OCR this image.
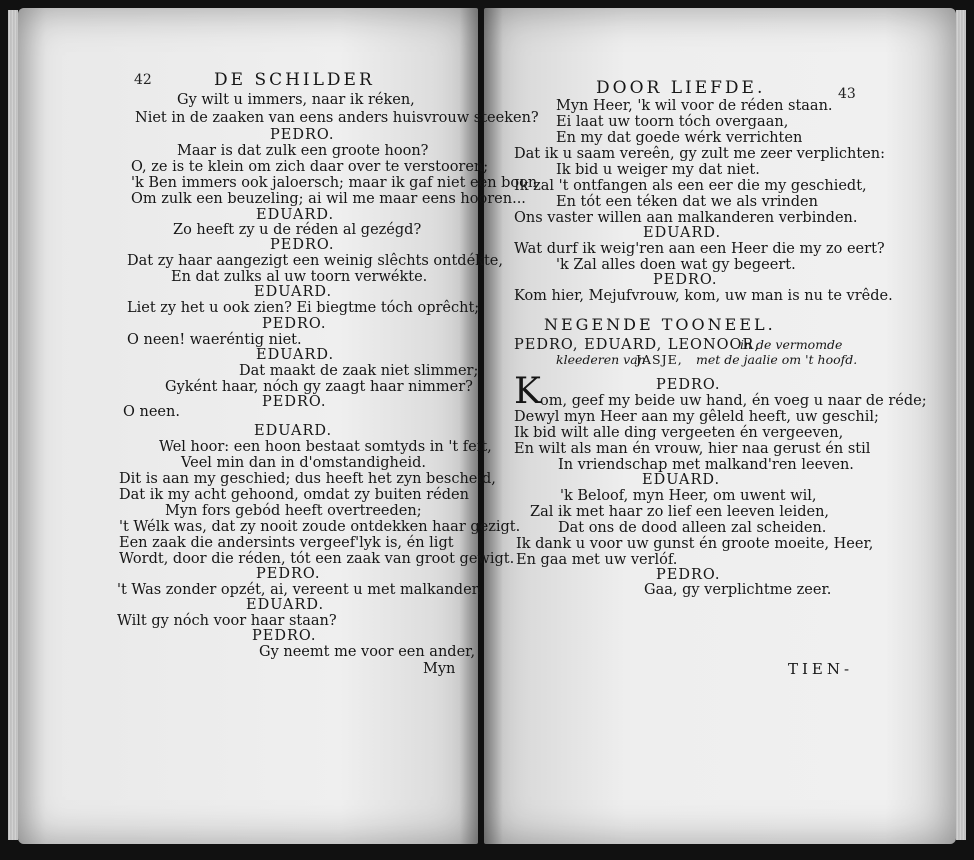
42	DE SCHILDER
Gy wilt u immers, naar ik réken,
Niet in de zaaken van eens anders huisvrouw steeken?
PEDRO.
Maar is dat zulk een groote hoon?
O, ze is te klein om zich daar over te verstooren;
'k Ben immers ook jaloersch; maar ik gaf niet een boon
Om zulk een beuzeling; ai wil me maar eens hooren...
EDUARD.
Zo heeft zy u de réden al gezégd?
PEDRO.
Dat zy haar aangezigt een weinig slêchts ontdékte,
En dat zulks al uw toorn verwékte.
EDUARD.
Liet zy het u ook zien? Ei biegtme tóch oprêcht;
PEDRO.
O neen! waeréntig niet.
EDUARD.
Dat maakt de zaak niet slimmer;
Gyként haar, nóch gy zaagt haar nimmer?
PEDRO.
O neen.
EDUARD.
Wel hoor: een hoon bestaat somtyds in 't feit,
Veel min dan in d'omstandigheid.
Dit is aan my geschied; dus heeft het zyn bescheid,
Dat ik my acht gehoond, omdat zy buiten réden
Myn fors gebód heeft overtreeden;
't Wélk was, dat zy nooit zoude ontdekken haar gezigt.
Een zaak die andersints vergeef'lyk is, én ligt
Wordt, door die réden, tót een zaak van groot gewigt.
PEDRO.
't Was zonder opzét, ai, vereent u met malkander.
EDUARD.
Wilt gy nóch voor haar staan?
PEDRO.
Gy neemt me voor een ander,
Myn
DOOR LIEFDE.	43
Myn Heer, 'k wil voor de réden staan.
Ei laat uw toorn tóch overgaan,
En my dat goede wérk verrichten
Dat ik u saam vereên, gy zult me zeer verplichten:
Ik bid u weiger my dat niet.
Ik zal 't ontfangen als een eer die my geschiedt,
En tót een téken dat we als vrinden
Ons vaster willen aan malkanderen verbinden.
EDUARD.
Wat durf ik weig'ren aan een Heer die my zo eert?
'k Zal alles doen wat gy begeert.
PEDRO.
Kom hier, Mejufvrouw, kom, uw man is nu te vrêde.
NEGENDE TOONEEL.
PEDRO, EDUARD, LEONOOR,
in de vermomde
kleederen van
JASJE, met de jaalie om 't hoofd.
PEDRO.
K om, geef my beide uw hand, én voeg u naar de réde;
Dewyl myn Heer aan my gêleld heeft, uw geschil;
Ik bid wilt alle ding vergeeten én vergeeven,
En wilt als man én vrouw, hier naa gerust én stil
In vriendschap met malkand'ren leeven.
EDUARD.
'k Beloof, myn Heer, om uwent wil,
Zal ik met haar zo lief een leeven leiden,
Dat ons de dood alleen zal scheiden.
Ik dank u voor uw gunst én groote moeite, Heer,
En gaa met uw verlóf.
PEDRO.
Gaa, gy verplichtme zeer.
TIEN-
